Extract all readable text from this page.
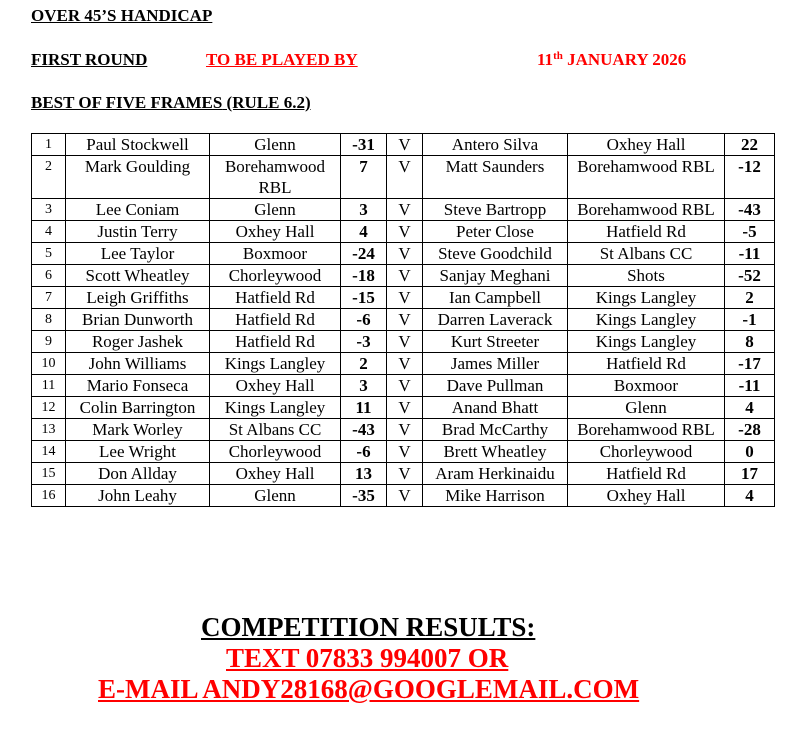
OVER 45’S HANDICAP
FIRST ROUND	TO BE PLAYED BY	11th JANUARY 2026
BEST OF FIVE FRAMES (RULE 6.2)
1	Paul Stockwell	Glenn	-31	V	Antero Silva	Oxhey Hall	22
2	Mark Goulding	Borehamwood RBL	7	V	Matt Saunders	Borehamwood RBL	-12
3	Lee Coniam	Glenn	3	V	Steve Bartropp	Borehamwood RBL	-43
4	Justin Terry	Oxhey Hall	4	V	Peter Close	Hatfield Rd	-5
5	Lee Taylor	Boxmoor	-24	V	Steve Goodchild	St Albans CC	-11
6	Scott Wheatley	Chorleywood	-18	V	Sanjay Meghani	Shots	-52
7	Leigh Griffiths	Hatfield Rd	-15	V	Ian Campbell	Kings Langley	2
8	Brian Dunworth	Hatfield Rd	-6	V	Darren Laverack	Kings Langley	-1
9	Roger Jashek	Hatfield Rd	-3	V	Kurt Streeter	Kings Langley	8
10	John Williams	Kings Langley	2	V	James Miller	Hatfield Rd	-17
11	Mario Fonseca	Oxhey Hall	3	V	Dave Pullman	Boxmoor	-11
12	Colin Barrington	Kings Langley	11	V	Anand Bhatt	Glenn	4
13	Mark Worley	St Albans CC	-43	V	Brad McCarthy	Borehamwood RBL	-28
14	Lee Wright	Chorleywood	-6	V	Brett Wheatley	Chorleywood	0
15	Don Allday	Oxhey Hall	13	V	Aram Herkinaidu	Hatfield Rd	17
16	John Leahy	Glenn	-35	V	Mike Harrison	Oxhey Hall	4
COMPETITION RESULTS:
TEXT 07833 994007 OR
E-MAIL ANDY28168@GOOGLEMAIL.COM
